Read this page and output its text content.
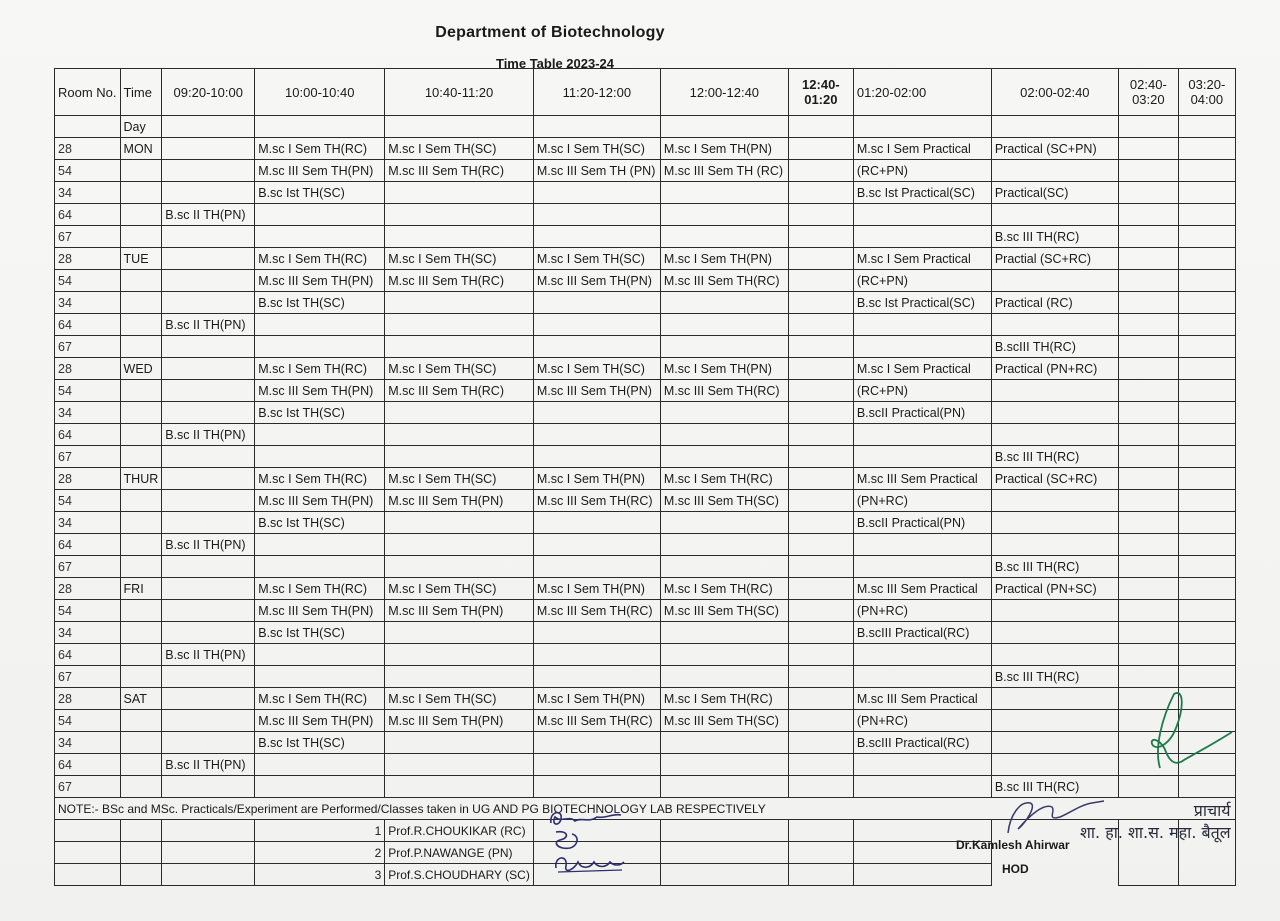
Department of Biotechnology
Time Table 2023-24
Room No.	Time	09:20-10:00	10:00-10:40	10:40-11:20	11:20-12:00	12:00-12:40	12:40-01:20	01:20-02:00	02:00-02:40	02:40-03:20	03:20-04:00
	Day										
28	MON		M.sc I Sem TH(RC)	M.sc I Sem TH(SC)	M.sc I Sem TH(SC)	M.sc I Sem TH(PN)		M.sc I Sem Practical	Practical (SC+PN)		
54			M.sc III Sem TH(PN)	M.sc III Sem TH(RC)	M.sc III Sem TH (PN)	M.sc III Sem TH (RC)		(RC+PN)			
34			B.sc Ist TH(SC)					B.sc Ist Practical(SC)	Practical(SC)		
64		B.sc II TH(PN)									
67									B.sc III TH(RC)		
28	TUE		M.sc I Sem TH(RC)	M.sc I Sem TH(SC)	M.sc I Sem TH(SC)	M.sc I Sem TH(PN)		M.sc I Sem Practical	Practial (SC+RC)		
54			M.sc III Sem TH(PN)	M.sc III Sem TH(RC)	M.sc III Sem TH(PN)	M.sc III Sem TH(RC)		(RC+PN)			
34			B.sc Ist TH(SC)					B.sc Ist Practical(SC)	Practical (RC)		
64		B.sc II TH(PN)									
67									B.scIII TH(RC)		
28	WED		M.sc I Sem TH(RC)	M.sc I Sem TH(SC)	M.sc I Sem TH(SC)	M.sc I Sem TH(PN)		M.sc I Sem Practical	Practical (PN+RC)		
54			M.sc III Sem TH(PN)	M.sc III Sem TH(RC)	M.sc III Sem TH(PN)	M.sc III Sem TH(RC)		(RC+PN)			
34			B.sc Ist TH(SC)					B.scII Practical(PN)			
64		B.sc II TH(PN)									
67									B.sc III TH(RC)		
28	THUR		M.sc I Sem TH(RC)	M.sc I Sem TH(SC)	M.sc I Sem TH(PN)	M.sc I Sem TH(RC)		M.sc III Sem Practical	Practical (SC+RC)		
54			M.sc III Sem TH(PN)	M.sc III Sem TH(PN)	M.sc III Sem TH(RC)	M.sc III Sem TH(SC)		(PN+RC)			
34			B.sc Ist TH(SC)					B.scII Practical(PN)			
64		B.sc II TH(PN)									
67									B.sc III TH(RC)		
28	FRI		M.sc I Sem TH(RC)	M.sc I Sem TH(SC)	M.sc I Sem TH(PN)	M.sc I Sem TH(RC)		M.sc III Sem Practical	Practical (PN+SC)		
54			M.sc III Sem TH(PN)	M.sc III Sem TH(PN)	M.sc III Sem TH(RC)	M.sc III Sem TH(SC)		(PN+RC)			
34			B.sc Ist TH(SC)					B.scIII Practical(RC)			
64		B.sc II TH(PN)									
67									B.sc III TH(RC)		
28	SAT		M.sc I Sem TH(RC)	M.sc I Sem TH(SC)	M.sc I Sem TH(PN)	M.sc I Sem TH(RC)		M.sc III Sem Practical			
54			M.sc III Sem TH(PN)	M.sc III Sem TH(PN)	M.sc III Sem TH(RC)	M.sc III Sem TH(SC)		(PN+RC)			
34			B.sc Ist TH(SC)					B.scIII Practical(RC)			
64		B.sc II TH(PN)									
67									B.sc III TH(RC)		
NOTE:- BSc and MSc. Practicals/Experiment are Performed/Classes taken in UG AND PG BIOTECHNOLOGY LAB RESPECTIVELY											
			1	Prof.R.CHOUKIKAR (RC)							
			2	Prof.P.NAWANGE (PN)							
			3	Prof.S.CHOUDHARY (SC)							
Dr.Kamlesh Ahirwar
HOD
प्राचार्य
शा. हा. शा.स. महा. बैतूल
